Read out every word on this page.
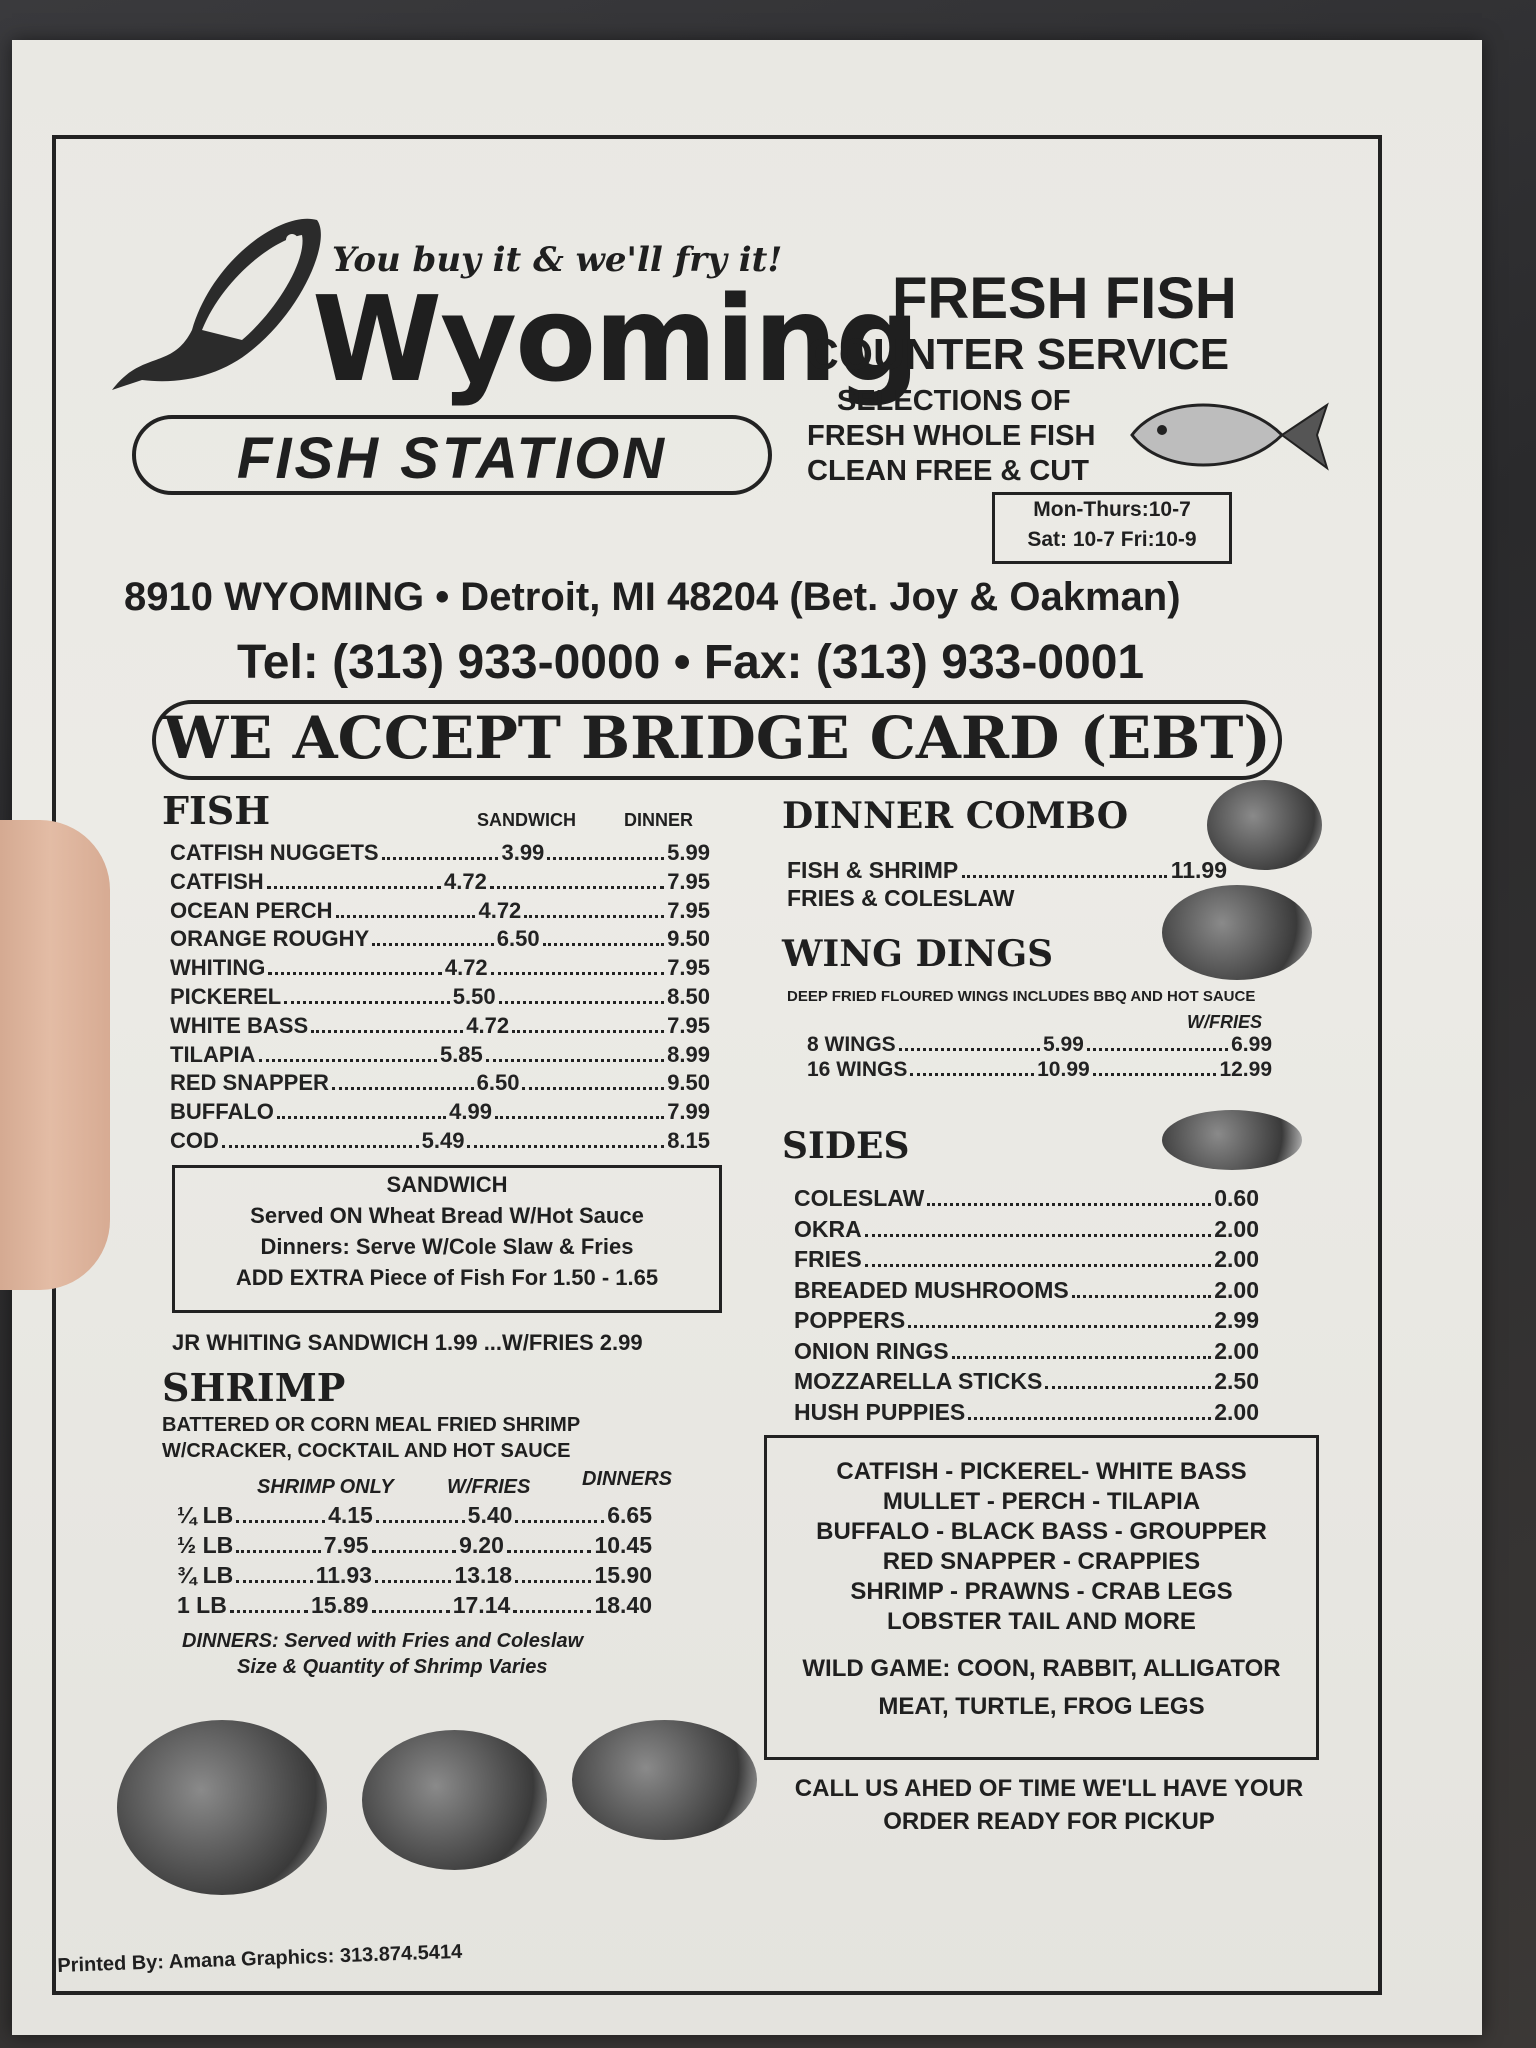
You buy it & we'll fry it!
Wyoming
FISH STATION
FRESH FISH
COUNTER SERVICE
SELECTIONS OF
FRESH WHOLE FISH
CLEAN FREE & CUT
Mon-Thurs:10-7
Sat: 10-7 Fri:10-9
8910 WYOMING • Detroit, MI 48204 (Bet. Joy & Oakman)
Tel: (313) 933-0000 • Fax: (313) 933-0001
WE ACCEPT BRIDGE CARD (EBT)
FISH	SANDWICH	DINNER
CATFISH NUGGETS	3.99	5.99
CATFISH	4.72	7.95
OCEAN PERCH	4.72	7.95
ORANGE ROUGHY	6.50	9.50
WHITING	4.72	7.95
PICKEREL	5.50	8.50
WHITE BASS	4.72	7.95
TILAPIA	5.85	8.99
RED SNAPPER	6.50	9.50
BUFFALO	4.99	7.99
COD	5.49	8.15
SANDWICH
Served ON Wheat Bread W/Hot Sauce
Dinners: Serve W/Cole Slaw & Fries
ADD EXTRA Piece of Fish For 1.50 - 1.65
JR WHITING SANDWICH 1.99 ...W/FRIES 2.99
SHRIMP
BATTERED OR CORN MEAL FRIED SHRIMP
W/CRACKER, COCKTAIL AND HOT SAUCE
SHRIMP ONLY	W/FRIES	DINNERS
¼ LB	4.15	5.40	6.65
½ LB	7.95	9.20	10.45
¾ LB	11.93	13.18	15.90
1 LB	15.89	17.14	18.40
DINNERS: Served with Fries and Coleslaw
Size & Quantity of Shrimp Varies
DINNER COMBO
FISH & SHRIMP	11.99
FRIES & COLESLAW
WING DINGS
DEEP FRIED FLOURED WINGS INCLUDES BBQ AND HOT SAUCE
W/FRIES
8 WINGS	5.99	6.99
16 WINGS	10.99	12.99
SIDES
COLESLAW	0.60
OKRA	2.00
FRIES	2.00
BREADED MUSHROOMS	2.00
POPPERS	2.99
ONION RINGS	2.00
MOZZARELLA STICKS	2.50
HUSH PUPPIES	2.00
CATFISH - PICKEREL- WHITE BASS
MULLET - PERCH - TILAPIA
BUFFALO - BLACK BASS - GROUPPER
RED SNAPPER - CRAPPIES
SHRIMP - PRAWNS - CRAB LEGS
LOBSTER TAIL AND MORE
WILD GAME: COON, RABBIT, ALLIGATOR
MEAT, TURTLE, FROG LEGS
CALL US AHED OF TIME WE'LL HAVE YOUR
ORDER READY FOR PICKUP
Printed By: Amana Graphics: 313.874.5414
